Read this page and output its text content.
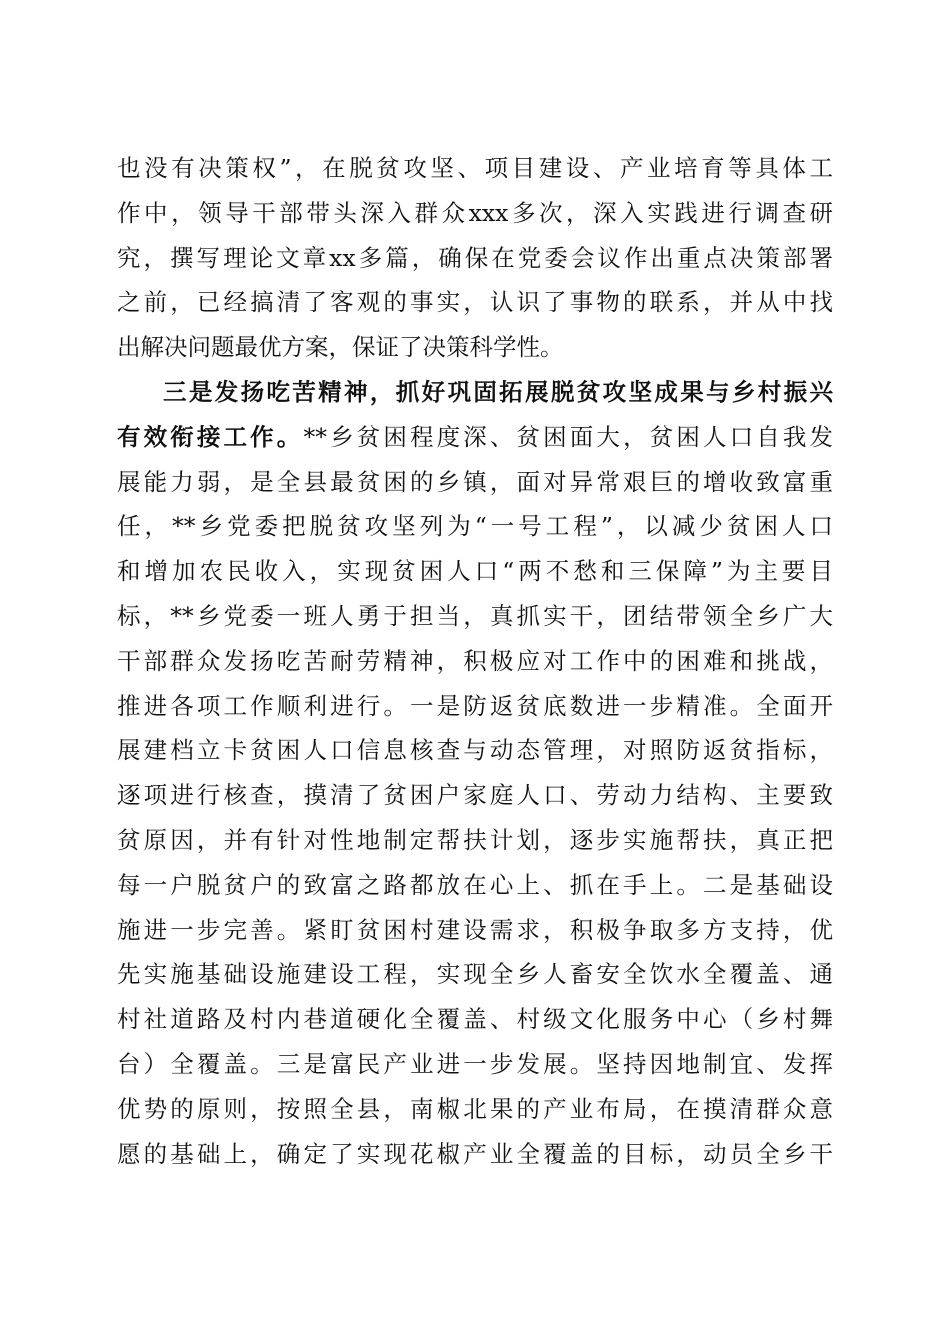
也没有决策权”，在脱贫攻坚、项目建设、产业培育等具体工
作中，领导干部带头深入群众xxx多次，深入实践进行调查研
究，撰写理论文章xx多篇，确保在党委会议作出重点决策部署
之前，已经搞清了客观的事实，认识了事物的联系，并从中找
出解决问题最优方案，保证了决策科学性。
三是发扬吃苦精神，抓好巩固拓展脱贫攻坚成果与乡村振兴
有效衔接工作。**乡贫困程度深、贫困面大，贫困人口自我发
展能力弱，是全县最贫困的乡镇，面对异常艰巨的增收致富重
任，**乡党委把脱贫攻坚列为“一号工程”，以减少贫困人口
和增加农民收入，实现贫困人口“两不愁和三保障”为主要目
标，**乡党委一班人勇于担当，真抓实干，团结带领全乡广大
干部群众发扬吃苦耐劳精神，积极应对工作中的困难和挑战，
推进各项工作顺利进行。一是防返贫底数进一步精准。全面开
展建档立卡贫困人口信息核查与动态管理，对照防返贫指标，
逐项进行核查，摸清了贫困户家庭人口、劳动力结构、主要致
贫原因，并有针对性地制定帮扶计划，逐步实施帮扶，真正把
每一户脱贫户的致富之路都放在心上、抓在手上。二是基础设
施进一步完善。紧盯贫困村建设需求，积极争取多方支持，优
先实施基础设施建设工程，实现全乡人畜安全饮水全覆盖、通
村社道路及村内巷道硬化全覆盖、村级文化服务中心（乡村舞
台）全覆盖。三是富民产业进一步发展。坚持因地制宜、发挥
优势的原则，按照全县，南椒北果的产业布局，在摸清群众意
愿的基础上，确定了实现花椒产业全覆盖的目标，动员全乡干
